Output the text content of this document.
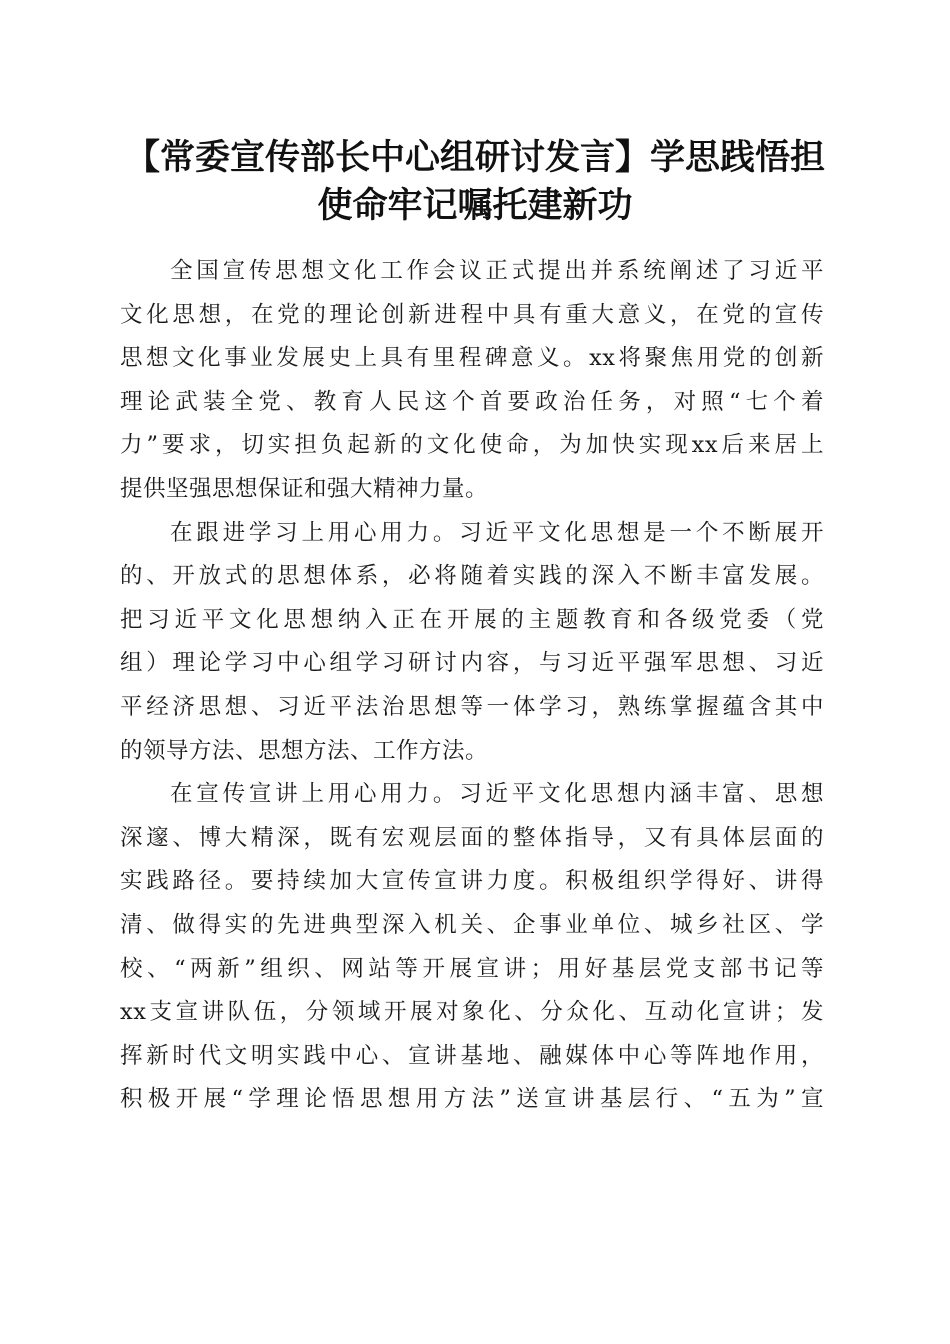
【常委宣传部长中心组研讨发言】学思践悟担
使命牢记嘱托建新功
全国宣传思想文化工作会议正式提出并系统阐述了习近平
文化思想，在党的理论创新进程中具有重大意义，在党的宣传
思想文化事业发展史上具有里程碑意义。xx将聚焦用党的创新
理论武装全党、教育人民这个首要政治任务，对照“七个着
力”要求，切实担负起新的文化使命，为加快实现xx后来居上
提供坚强思想保证和强大精神力量。
在跟进学习上用心用力。习近平文化思想是一个不断展开
的、开放式的思想体系，必将随着实践的深入不断丰富发展。
把习近平文化思想纳入正在开展的主题教育和各级党委（党
组）理论学习中心组学习研讨内容，与习近平强军思想、习近
平经济思想、习近平法治思想等一体学习，熟练掌握蕴含其中
的领导方法、思想方法、工作方法。
在宣传宣讲上用心用力。习近平文化思想内涵丰富、思想
深邃、博大精深，既有宏观层面的整体指导，又有具体层面的
实践路径。要持续加大宣传宣讲力度。积极组织学得好、讲得
清、做得实的先进典型深入机关、企事业单位、城乡社区、学
校、“两新”组织、网站等开展宣讲；用好基层党支部书记等
xx支宣讲队伍，分领域开展对象化、分众化、互动化宣讲；发
挥新时代文明实践中心、宣讲基地、融媒体中心等阵地作用，
积极开展“学理论悟思想用方法”送宣讲基层行、“五为”宣
